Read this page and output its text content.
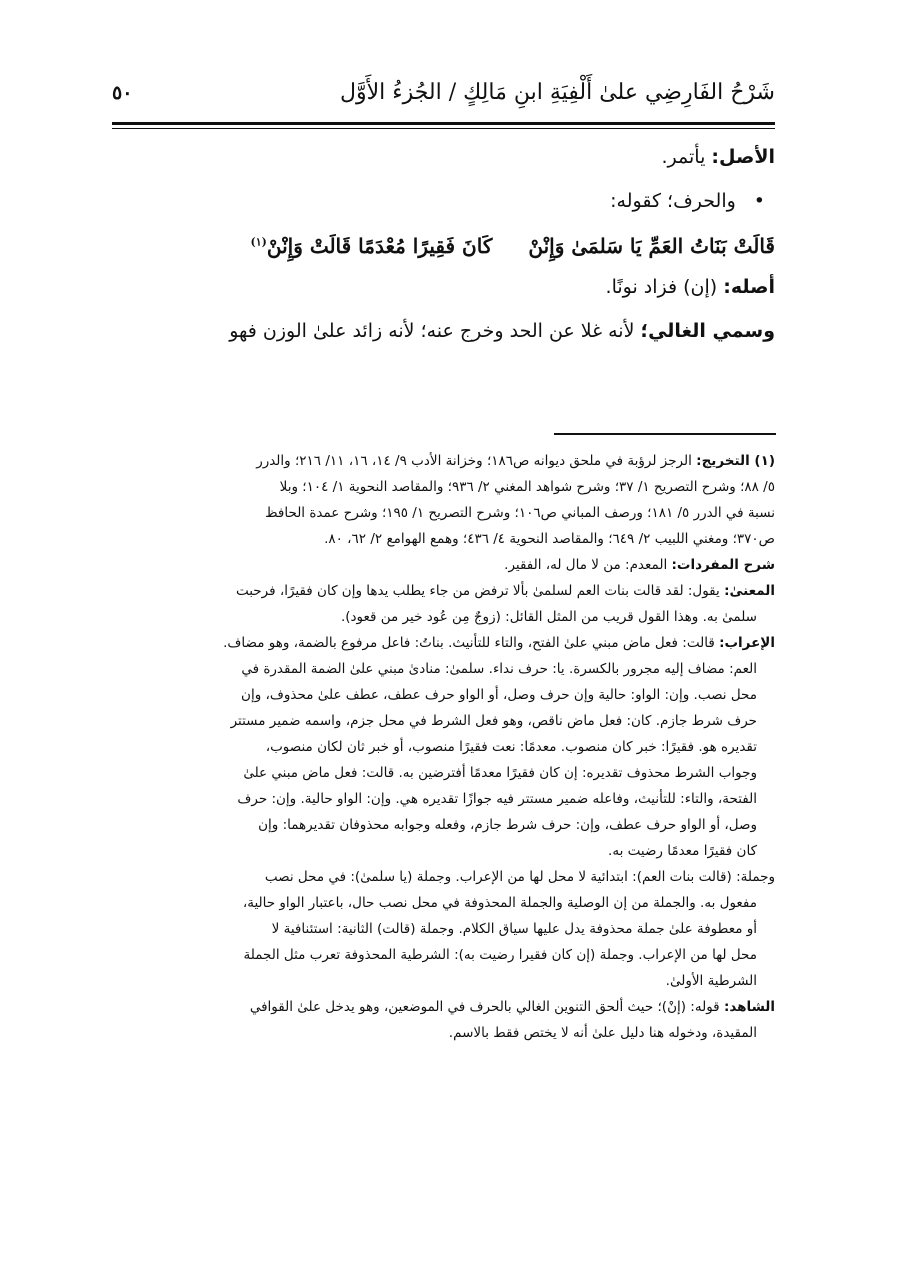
شَرْحُ الفَارِضِي علىٰ أَلْفِيَةِ ابنِ مَالِكٍ / الجُزءُ الأَوَّل
٥٠
الأصل: يأتمر.
•والحرف؛ كقوله:
قَالَتْ بَنَاتُ العَمِّ يَا سَلمَىٰ وَإِنْنْكَانَ فَقِيرًا مُعْدَمًا قَالَتْ وَإِنْنْ$^{(١)}$
أصله: (إن) فزاد نونًا.
وسمي الغالي؛ لأنه غلا عن الحد وخرج عنه؛ لأنه زائد علىٰ الوزن فهو
(١) التخريج: الرجز لرؤبة في ملحق ديوانه ص١٨٦؛ وخزانة الأدب ٩/ ١٤، ١٦، ١١/ ٢١٦؛ والدرر
٥/ ٨٨؛ وشرح التصريح ١/ ٣٧؛ وشرح شواهد المغني ٢/ ٩٣٦؛ والمقاصد النحوية ١/ ١٠٤؛ وبلا
نسبة في الدرر ٥/ ١٨١؛ ورصف المباني ص١٠٦؛ وشرح التصريح ١/ ١٩٥؛ وشرح عمدة الحافظ
ص٣٧٠؛ ومغني اللبيب ٢/ ٦٤٩؛ والمقاصد النحوية ٤/ ٤٣٦؛ وهمع الهوامع ٢/ ٦٢، ٨٠.
شرح المفردات: المعدم: من لا مال له، الفقير.
المعنىٰ: يقول: لقد قالت بنات العم لسلمىٰ بألا ترفض من جاء يطلب يدها وإن كان فقيرًا، فرحبت
سلمىٰ به. وهذا القول قريب من المثل القائل: (زوجٌ مِن عُود خير من قعود).
الإعراب: قالت: فعل ماض مبني علىٰ الفتح، والتاء للتأنيث. بناتُ: فاعل مرفوع بالضمة، وهو مضاف.
العم: مضاف إليه مجرور بالكسرة. يا: حرف نداء. سلمىٰ: منادىٰ مبني علىٰ الضمة المقدرة في
محل نصب. وإن: الواو: حالية وإن حرف وصل، أو الواو حرف عطف، عطف علىٰ محذوف، وإن
حرف شرط جازم. كان: فعل ماض ناقص، وهو فعل الشرط في محل جزم، واسمه ضمير مستتر
تقديره هو. فقيرًا: خبر كان منصوب. معدمًا: نعت فقيرًا منصوب، أو خبر ثان لكان منصوب،
وجواب الشرط محذوف تقديره: إن كان فقيرًا معدمًا أفترضين به. قالت: فعل ماض مبني علىٰ
الفتحة، والتاء: للتأنيث، وفاعله ضمير مستتر فيه جوازًا تقديره هي. وإن: الواو حالية. وإن: حرف
وصل، أو الواو حرف عطف، وإن: حرف شرط جازم، وفعله وجوابه محذوفان تقديرهما: وإن
كان فقيرًا معدمًا رضيت به.
وجملة: (قالت بنات العم): ابتدائية لا محل لها من الإعراب. وجملة (يا سلمىٰ): في محل نصب
مفعول به. والجملة من إن الوصلية والجملة المحذوفة في محل نصب حال، باعتبار الواو حالية،
أو معطوفة علىٰ جملة محذوفة يدل عليها سياق الكلام. وجملة (قالت) الثانية: استئنافية لا
محل لها من الإعراب. وجملة (إن كان فقيرا رضيت به): الشرطية المحذوفة تعرب مثل الجملة
الشرطية الأولىٰ.
الشاهد: قوله: (إنْ)؛ حيث ألحق التنوين الغالي بالحرف في الموضعين، وهو يدخل علىٰ القوافي
المقيدة، ودخوله هنا دليل علىٰ أنه لا يختص فقط بالاسم.
